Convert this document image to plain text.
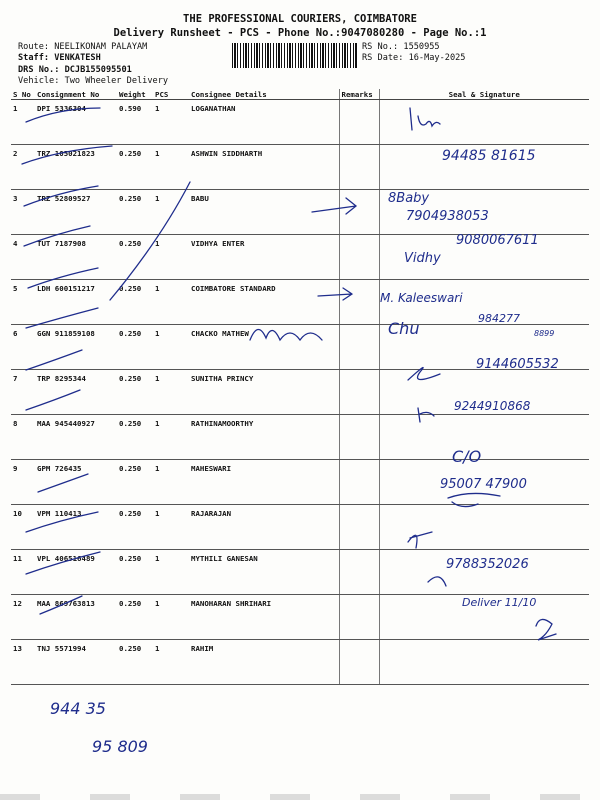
THE PROFESSIONAL COURIERS, COIMBATORE
Delivery Runsheet - PCS - Phone No.:9047080280 - Page No.:1
Route: NEELIKONAM PALAYAM
Staff: VENKATESH
DRS No.: DCJB155095501
Vehicle: Two Wheeler Delivery
RS No.: 1550955
RS Date: 16-May-2025
S No	Consignment No	Weight	PCS	Consignee Details	Remarks	Seal & Signature
1	DPI 5336304	0.590	1	LOGANATHAN		
2	TRZ 105021823	0.250	1	ASHWIN SIDDHARTH		
3	TRZ 52809527	0.250	1	BABU		
4	TUT 7187908	0.250	1	VIDHYA ENTER		
5	LDH 600151217	0.250	1	COIMBATORE STANDARD		
6	GGN 911859108	0.250	1	CHACKO MATHEW		
7	TRP 8295344	0.250	1	SUNITHA PRINCY		
8	MAA 945440927	0.250	1	RATHINAMOORTHY		
9	GPM 726435	0.250	1	MAHESWARI		
10	VPM 110413	0.250	1	RAJARAJAN		
11	VPL 406516489	0.250	1	MYTHILI GANESAN		
12	MAA 869763813	0.250	1	MANOHARAN SHRIHARI		
13	TNJ 5571994	0.250	1	RAHIM		
94485 81615
8Baby
7904938053
9080067611
Vidhy
M. Kaleeswari
Chu
984277
8899
9144605532
9244910868
C/O
95007 47900
9788352026
Deliver 11/10
944 35
95 809
